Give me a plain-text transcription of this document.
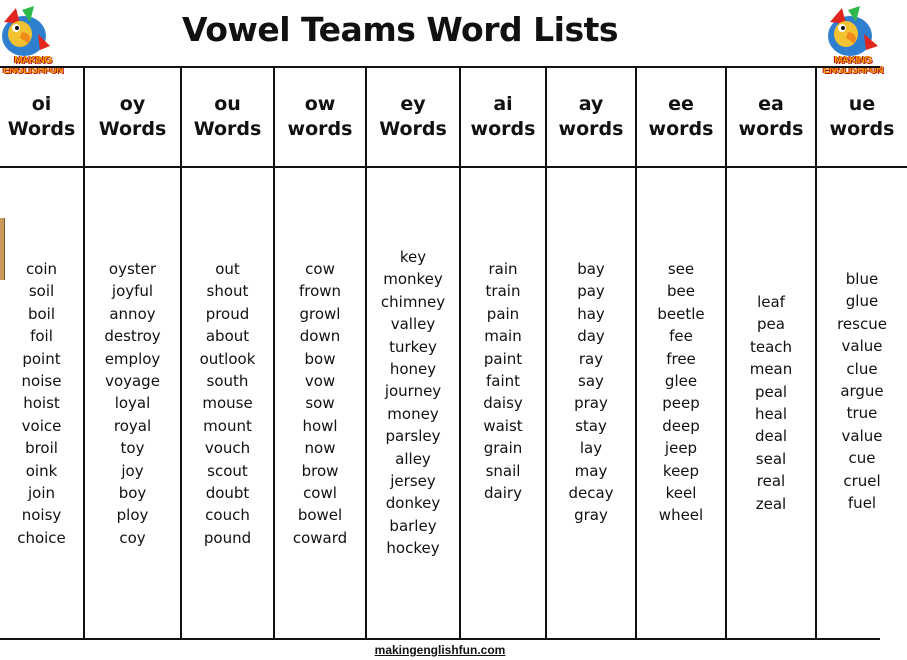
MAKING
ENGLISHFUN
Vowel Teams Word Lists
MAKING
ENGLISHFUN
oi
Words
coin
soil
boil
foil
point
noise
hoist
voice
broil
oink
join
noisy
choice
oy
Words
oyster
joyful
annoy
destroy
employ
voyage
loyal
royal
toy
joy
boy
ploy
coy
ou
Words
out
shout
proud
about
outlook
south
mouse
mount
vouch
scout
doubt
couch
pound
ow
words
cow
frown
growl
down
bow
vow
sow
howl
now
brow
cowl
bowel
coward
ey
Words
key
monkey
chimney
valley
turkey
honey
journey
money
parsley
alley
jersey
donkey
barley
hockey
ai
words
rain
train
pain
main
paint
faint
daisy
waist
grain
snail
dairy
ay
words
bay
pay
hay
day
ray
say
pray
stay
lay
may
decay
gray
ee
words
see
bee
beetle
fee
free
glee
peep
deep
jeep
keep
keel
wheel
ea
words
leaf
pea
teach
mean
peal
heal
deal
seal
real
zeal
ue
words
blue
glue
rescue
value
clue
argue
true
value
cue
cruel
fuel
makingenglishfun.com
